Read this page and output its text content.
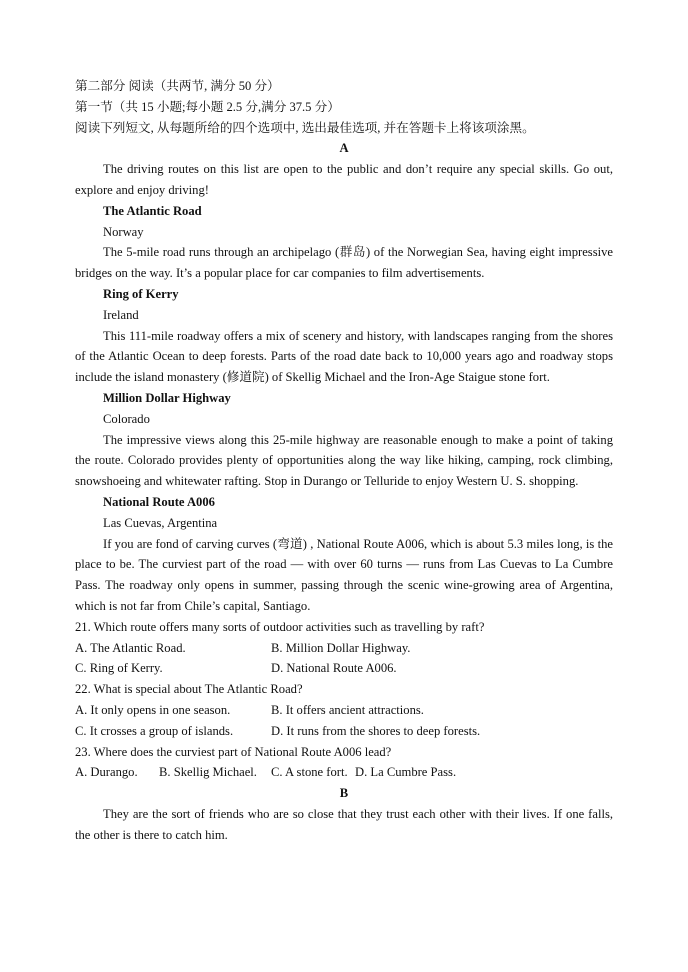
第二部分 阅读（共两节, 满分 50 分）
第一节（共 15 小题;每小题 2.5 分,满分 37.5 分）
阅读下列短文, 从每题所给的四个选项中, 选出最佳选项, 并在答题卡上将该项涂黑。
A
The driving routes on this list are open to the public and don’t require any special skills. Go out, explore and enjoy driving!
The Atlantic Road
Norway
The 5-mile road runs through an archipelago (群岛) of the Norwegian Sea, having eight impressive bridges on the way. It’s a popular place for car companies to film advertisements.
Ring of Kerry
Ireland
This 111-mile roadway offers a mix of scenery and history, with landscapes ranging from the shores of the Atlantic Ocean to deep forests. Parts of the road date back to 10,000 years ago and roadway stops include the island monastery (修道院) of Skellig Michael and the Iron-Age Staigue stone fort.
Million Dollar Highway
Colorado
The impressive views along this 25-mile highway are reasonable enough to make a point of taking the route. Colorado provides plenty of opportunities along the way like hiking, camping, rock climbing, snowshoeing and whitewater rafting. Stop in Durango or Telluride to enjoy Western U. S. shopping.
National Route A006
Las Cuevas, Argentina
If you are fond of carving curves (弯道) , National Route A006, which is about 5.3 miles long, is the place to be. The curviest part of the road — with over 60 turns — runs from Las Cuevas to La Cumbre Pass. The roadway only opens in summer, passing through the scenic wine-growing area of Argentina, which is not far from Chile’s capital, Santiago.
21. Which route offers many sorts of outdoor activities such as travelling by raft?
A. The Atlantic Road.	B. Million Dollar Highway.
C. Ring of Kerry.	D. National Route A006.
22. What is special about The Atlantic Road?
A. It only opens in one season.	B. It offers ancient attractions.
C. It crosses a group of islands.	D. It runs from the shores to deep forests.
23. Where does the curviest part of National Route A006 lead?
A. Durango.	B. Skellig Michael.	C. A stone fort. D. La Cumbre Pass.
B
They are the sort of friends who are so close that they trust each other with their lives. If one falls, the other is there to catch him.
